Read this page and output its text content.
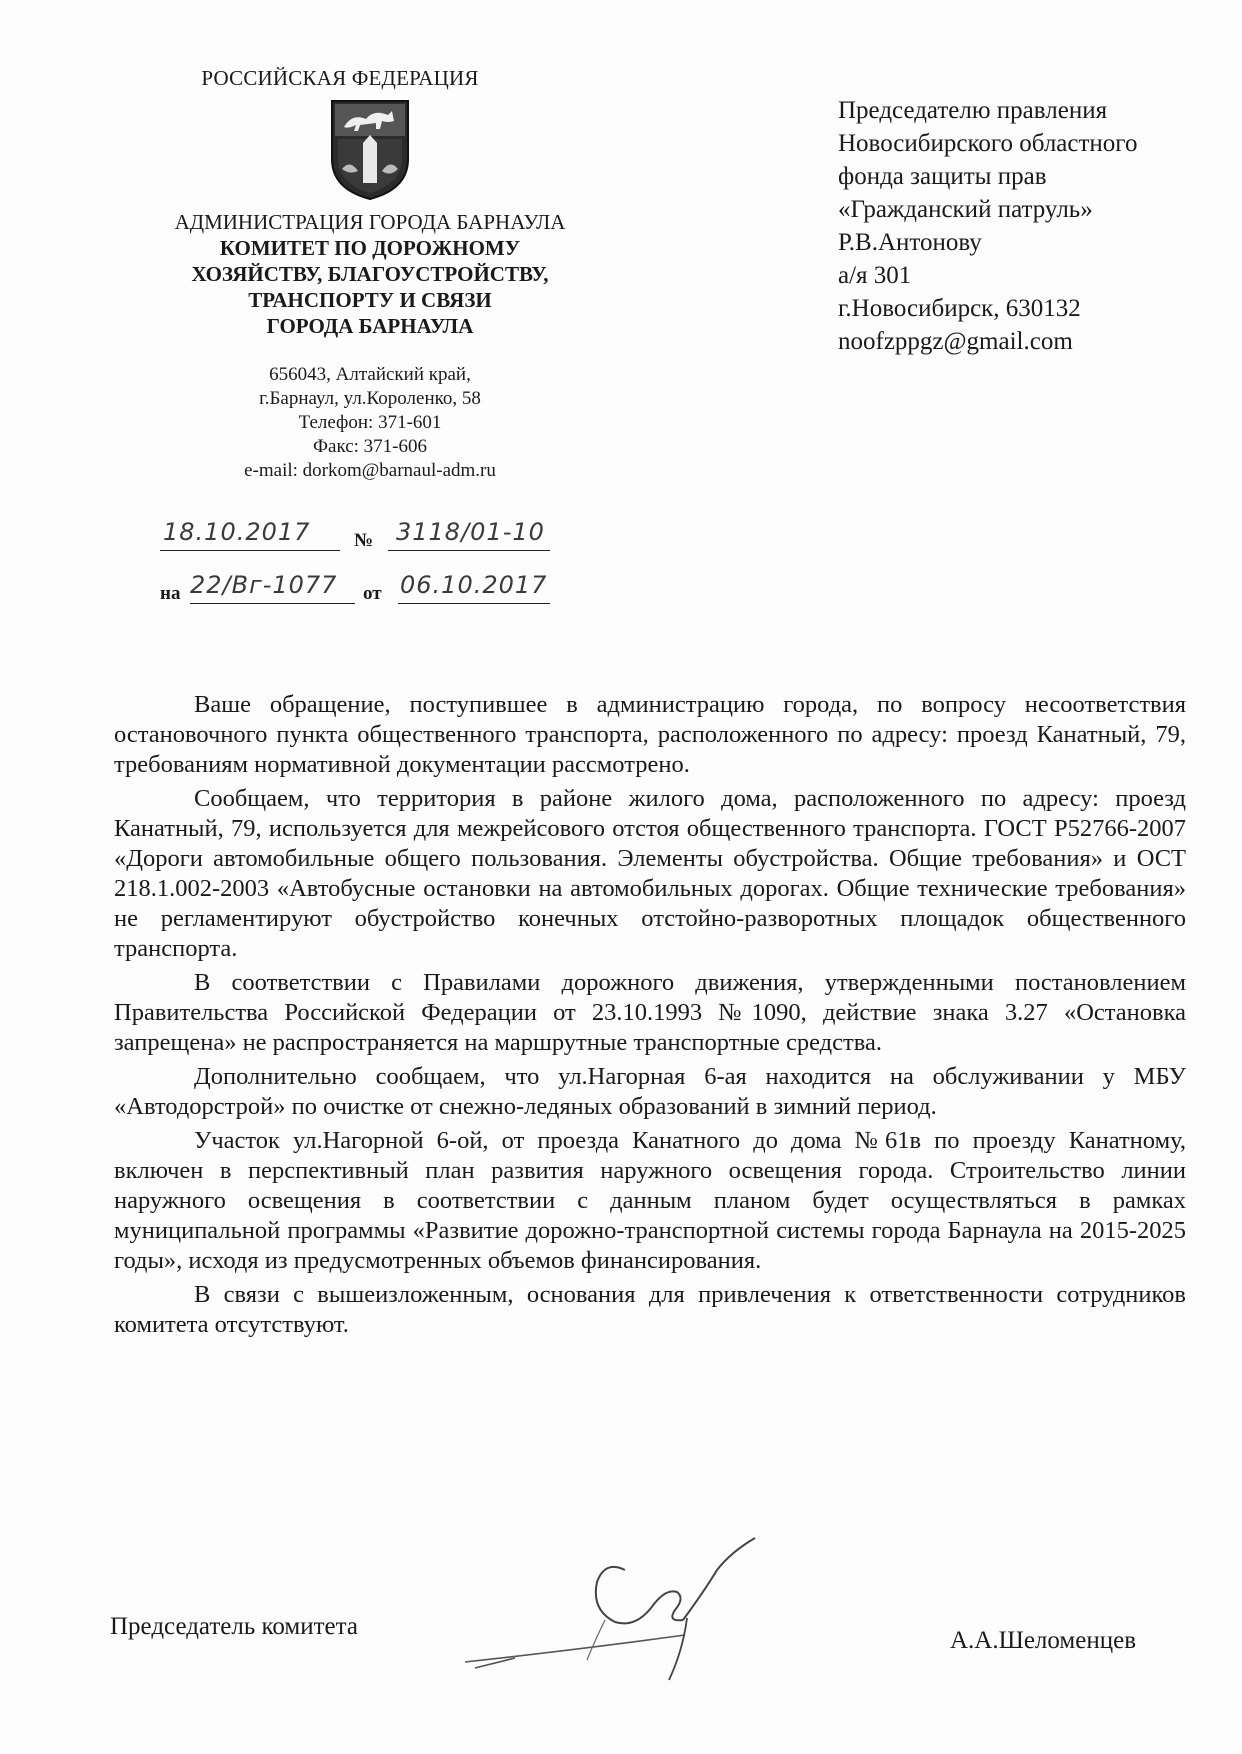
РОССИЙСКАЯ ФЕДЕРАЦИЯ
АДМИНИСТРАЦИЯ ГОРОДА БАРНАУЛА
КОМИТЕТ ПО ДОРОЖНОМУ
ХОЗЯЙСТВУ, БЛАГОУСТРОЙСТВУ,
ТРАНСПОРТУ И СВЯЗИ
ГОРОДА БАРНАУЛА
656043, Алтайский край,
г.Барнаул, ул.Короленко, 58
Телефон: 371-601
Факс: 371-606
e-mail: dorkom@barnaul-adm.ru
18.10.2017 № 3118/01-10
на 22/Вг-1077 от 06.10.2017
Председателю правления
Новосибирского областного
фонда защиты прав
«Гражданский патруль»
Р.В.Антонову
а/я 301
г.Новосибирск, 630132
noofzppgz@gmail.com

Ваше обращение, поступившее в администрацию города, по вопросу несоответствия остановочного пункта общественного транспорта, расположенного по адресу: проезд Канатный, 79, требованиям нормативной документации рассмотрено.

Сообщаем, что территория в районе жилого дома, расположенного по адресу: проезд Канатный, 79, используется для межрейсового отстоя общественного транспорта. ГОСТ Р52766-2007 «Дороги автомобильные общего пользования. Элементы обустройства. Общие требования» и ОСТ 218.1.002-2003 «Автобусные остановки на автомобильных дорогах. Общие технические требования» не регламентируют обустройство конечных отстойно-разворотных площадок общественного транспорта.

В соответствии с Правилами дорожного движения, утвержденными постановлением Правительства Российской Федерации от 23.10.1993 №1090, действие знака 3.27 «Остановка запрещена» не распространяется на маршрутные транспортные средства.

Дополнительно сообщаем, что ул.Нагорная 6-ая находится на обслуживании у МБУ «Автодорстрой» по очистке от снежно-ледяных образований в зимний период.

Участок ул.Нагорной 6-ой, от проезда Канатного до дома №61в по проезду Канатному, включен в перспективный план развития наружного освещения города. Строительство линии наружного освещения в соответствии с данным планом будет осуществляться в рамках муниципальной программы «Развитие дорожно-транспортной системы города Барнаула на 2015-2025 годы», исходя из предусмотренных объемов финансирования.

В связи с вышеизложенным, основания для привлечения к ответственности сотрудников комитета отсутствуют.

Председатель комитета
А.А.Шеломенцев
